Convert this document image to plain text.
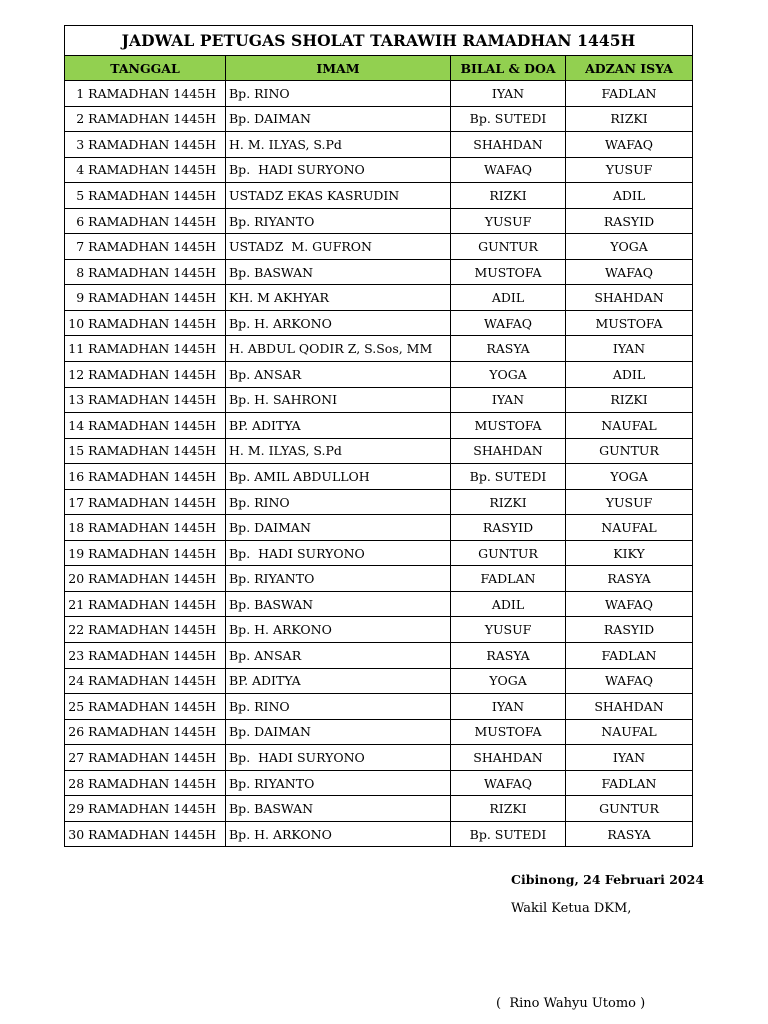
JADWAL PETUGAS SHOLAT TARAWIH RAMADHAN 1445H			
TANGGAL	IMAM	BILAL & DOA	ADZAN ISYA
1 RAMADHAN 1445H	Bp. RINO	IYAN	FADLAN
2 RAMADHAN 1445H	Bp. DAIMAN	Bp. SUTEDI	RIZKI
3 RAMADHAN 1445H	H. M. ILYAS, S.Pd	SHAHDAN	WAFAQ
4 RAMADHAN 1445H	Bp.  HADI SURYONO	WAFAQ	YUSUF
5 RAMADHAN 1445H	USTADZ EKAS KASRUDIN	RIZKI	ADIL
6 RAMADHAN 1445H	Bp. RIYANTO	YUSUF	RASYID
7 RAMADHAN 1445H	USTADZ  M. GUFRON	GUNTUR	YOGA
8 RAMADHAN 1445H	Bp. BASWAN	MUSTOFA	WAFAQ
9 RAMADHAN 1445H	KH. M AKHYAR	ADIL	SHAHDAN
10 RAMADHAN 1445H	Bp. H. ARKONO	WAFAQ	MUSTOFA
11 RAMADHAN 1445H	H. ABDUL QODIR Z, S.Sos, MM	RASYA	IYAN
12 RAMADHAN 1445H	Bp. ANSAR	YOGA	ADIL
13 RAMADHAN 1445H	Bp. H. SAHRONI	IYAN	RIZKI
14 RAMADHAN 1445H	BP. ADITYA	MUSTOFA	NAUFAL
15 RAMADHAN 1445H	H. M. ILYAS, S.Pd	SHAHDAN	GUNTUR
16 RAMADHAN 1445H	Bp. AMIL ABDULLOH	Bp. SUTEDI	YOGA
17 RAMADHAN 1445H	Bp. RINO	RIZKI	YUSUF
18 RAMADHAN 1445H	Bp. DAIMAN	RASYID	NAUFAL
19 RAMADHAN 1445H	Bp.  HADI SURYONO	GUNTUR	KIKY
20 RAMADHAN 1445H	Bp. RIYANTO	FADLAN	RASYA
21 RAMADHAN 1445H	Bp. BASWAN	ADIL	WAFAQ
22 RAMADHAN 1445H	Bp. H. ARKONO	YUSUF	RASYID
23 RAMADHAN 1445H	Bp. ANSAR	RASYA	FADLAN
24 RAMADHAN 1445H	BP. ADITYA	YOGA	WAFAQ
25 RAMADHAN 1445H	Bp. RINO	IYAN	SHAHDAN
26 RAMADHAN 1445H	Bp. DAIMAN	MUSTOFA	NAUFAL
27 RAMADHAN 1445H	Bp.  HADI SURYONO	SHAHDAN	IYAN
28 RAMADHAN 1445H	Bp. RIYANTO	WAFAQ	FADLAN
29 RAMADHAN 1445H	Bp. BASWAN	RIZKI	GUNTUR
30 RAMADHAN 1445H	Bp. H. ARKONO	Bp. SUTEDI	RASYA
Cibinong, 24 Februari 2024
Wakil Ketua DKM,
(  Rino Wahyu Utomo )
